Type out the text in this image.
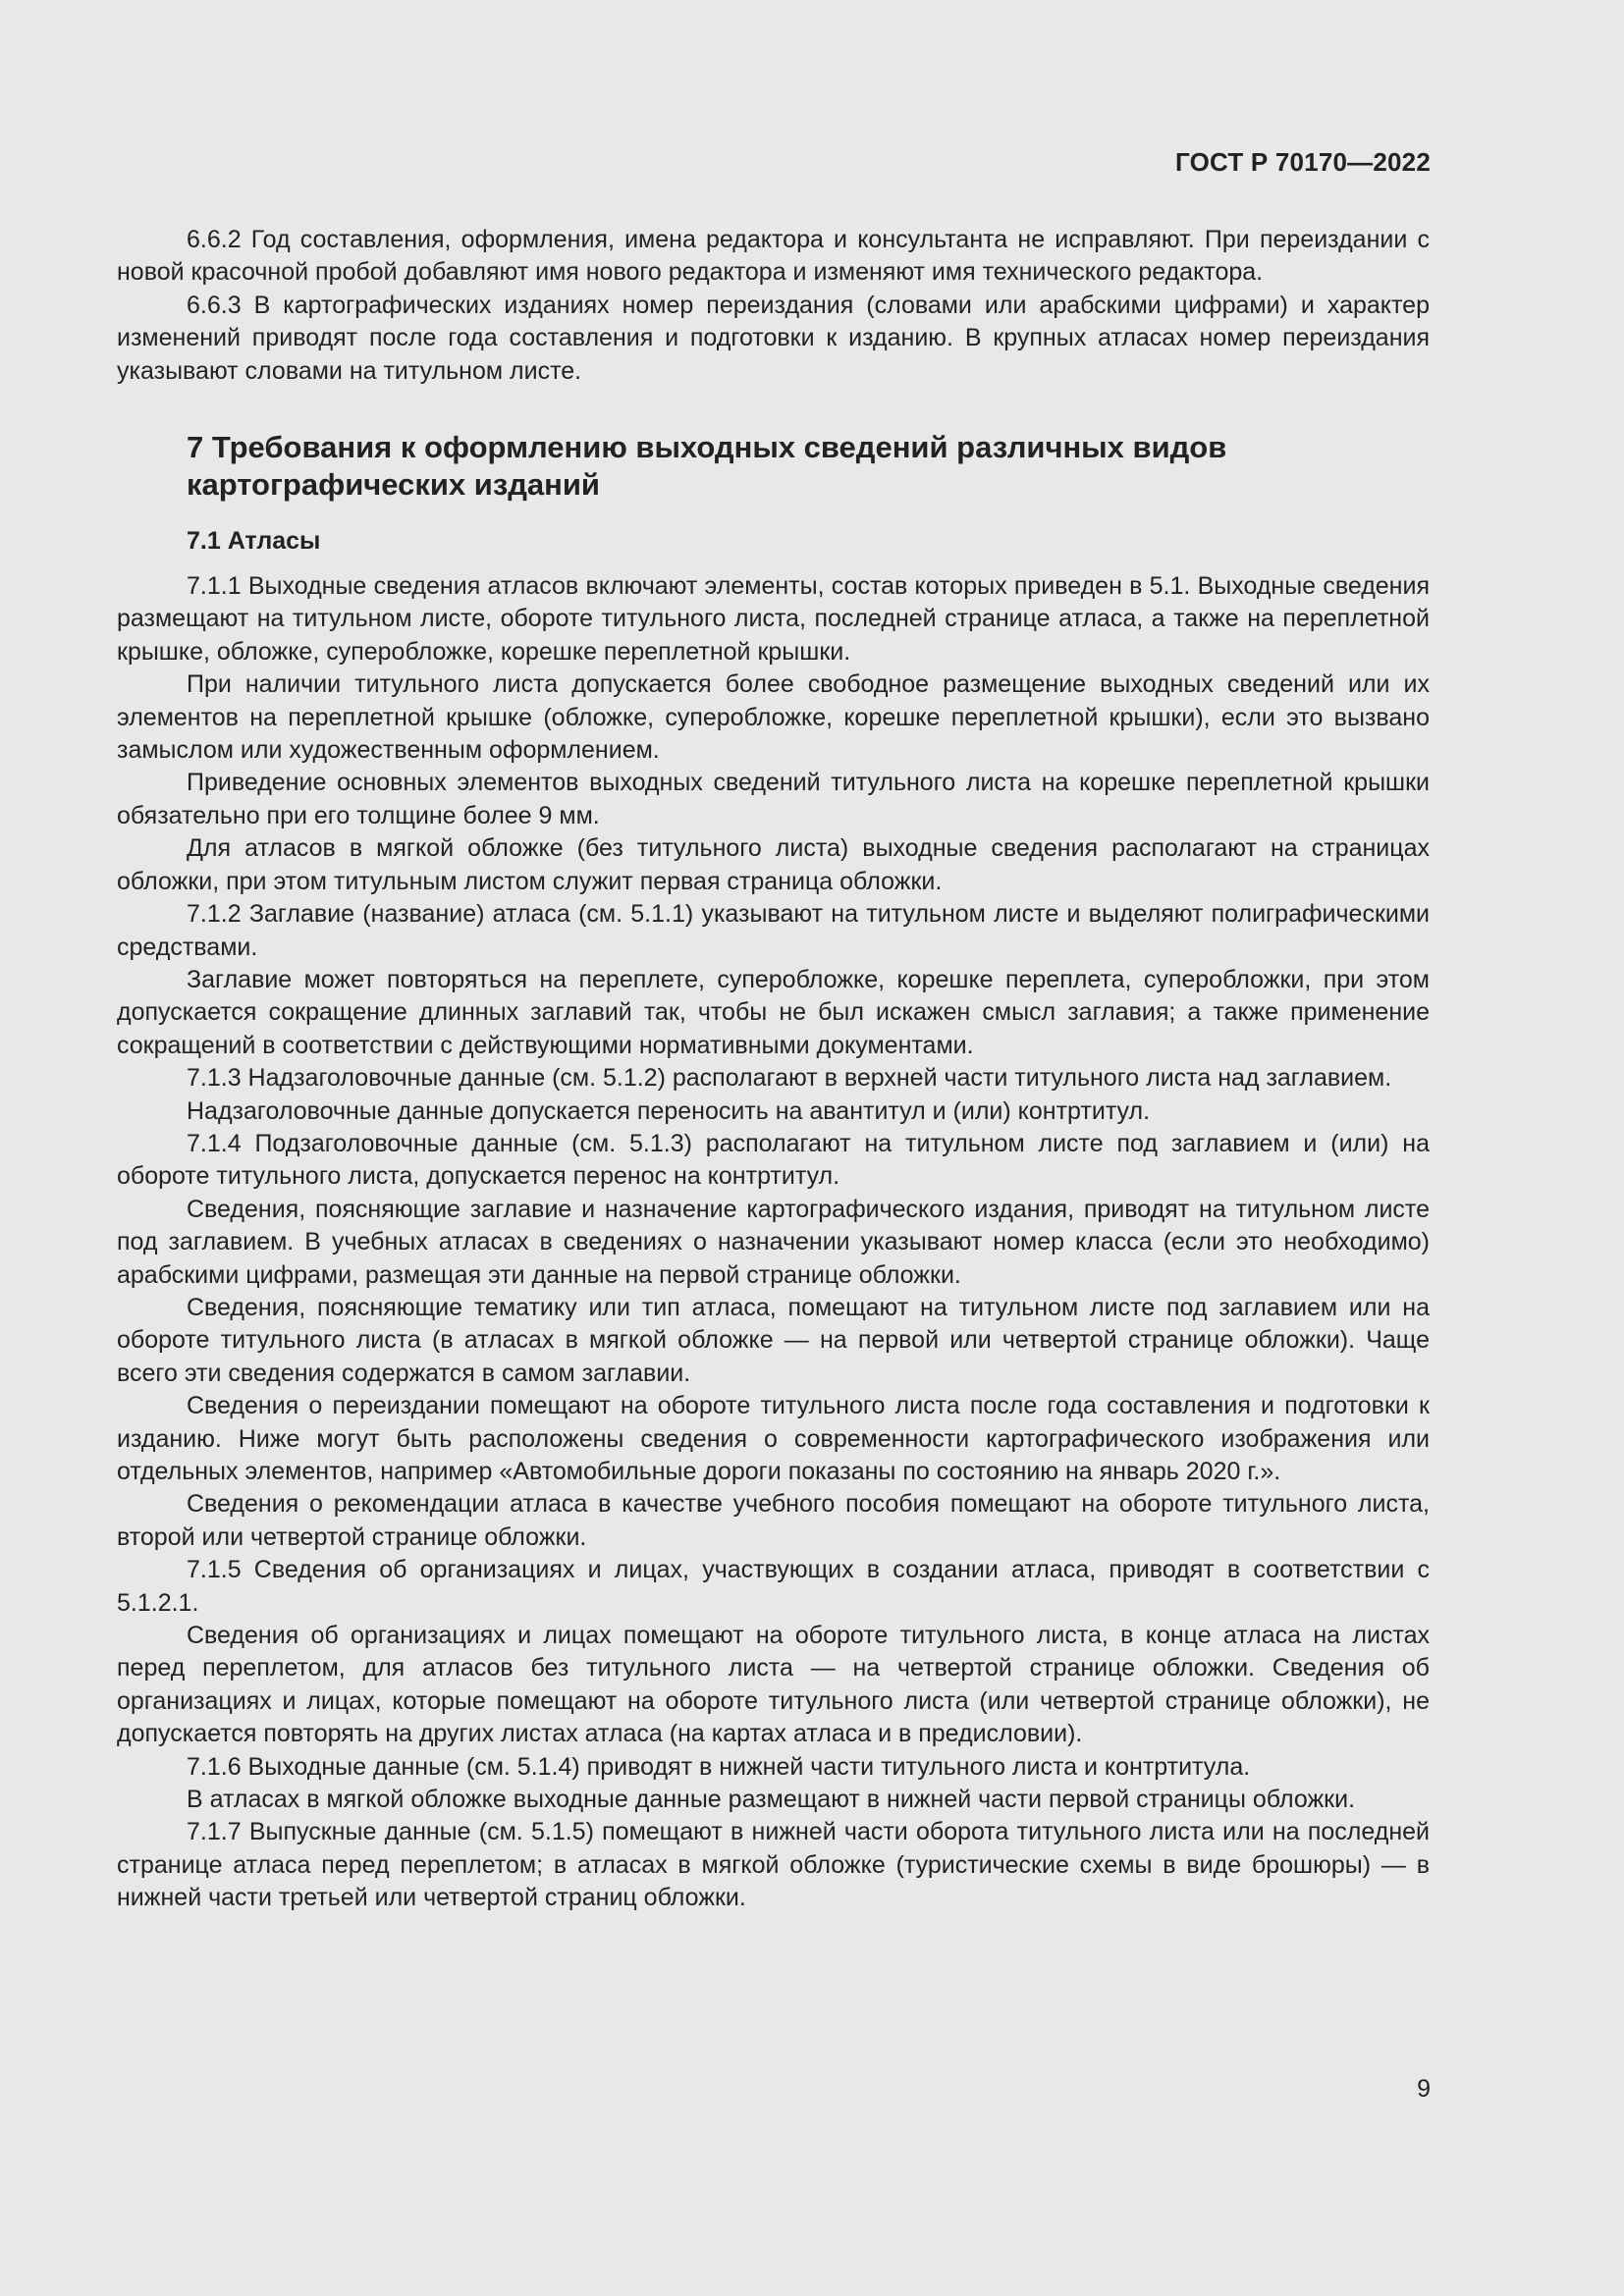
ГОСТ Р 70170—2022

6.6.2 Год составления, оформления, имена редактора и консультанта не исправляют. При переиздании с новой красочной пробой добавляют имя нового редактора и изменяют имя технического редактора.

6.6.3 В картографических изданиях номер переиздания (словами или арабскими цифрами) и характер изменений приводят после года составления и подготовки к изданию. В крупных атласах номер переиздания указывают словами на титульном листе.

7 Требования к оформлению выходных сведений различных видов
картографических изданий
7.1 Атласы

7.1.1 Выходные сведения атласов включают элементы, состав которых приведен в 5.1. Выходные сведения размещают на титульном листе, обороте титульного листа, последней странице атласа, а также на переплетной крышке, обложке, суперобложке, корешке переплетной крышки.

При наличии титульного листа допускается более свободное размещение выходных сведений или их элементов на переплетной крышке (обложке, суперобложке, корешке переплетной крышки), если это вызвано замыслом или художественным оформлением.

Приведение основных элементов выходных сведений титульного листа на корешке переплетной крышки обязательно при его толщине более 9 мм.

Для атласов в мягкой обложке (без титульного листа) выходные сведения располагают на страницах обложки, при этом титульным листом служит первая страница обложки.

7.1.2 Заглавие (название) атласа (см. 5.1.1) указывают на титульном листе и выделяют полиграфическими средствами.

Заглавие может повторяться на переплете, суперобложке, корешке переплета, суперобложки, при этом допускается сокращение длинных заглавий так, чтобы не был искажен смысл заглавия; а также применение сокращений в соответствии с действующими нормативными документами.

7.1.3 Надзаголовочные данные (см. 5.1.2) располагают в верхней части титульного листа над заглавием.

Надзаголовочные данные допускается переносить на авантитул и (или) контртитул.

7.1.4 Подзаголовочные данные (см. 5.1.3) располагают на титульном листе под заглавием и (или) на обороте титульного листа, допускается перенос на контртитул.

Сведения, поясняющие заглавие и назначение картографического издания, приводят на титульном листе под заглавием. В учебных атласах в сведениях о назначении указывают номер класса (если это необходимо) арабскими цифрами, размещая эти данные на первой странице обложки.

Сведения, поясняющие тематику или тип атласа, помещают на титульном листе под заглавием или на обороте титульного листа (в атласах в мягкой обложке — на первой или четвертой странице обложки). Чаще всего эти сведения содержатся в самом заглавии.

Сведения о переиздании помещают на обороте титульного листа после года составления и подготовки к изданию. Ниже могут быть расположены сведения о современности картографического изображения или отдельных элементов, например «Автомобильные дороги показаны по состоянию на январь 2020 г.».

Сведения о рекомендации атласа в качестве учебного пособия помещают на обороте титульного листа, второй или четвертой странице обложки.

7.1.5 Сведения об организациях и лицах, участвующих в создании атласа, приводят в соответствии с 5.1.2.1.

Сведения об организациях и лицах помещают на обороте титульного листа, в конце атласа на листах перед переплетом, для атласов без титульного листа — на четвертой странице обложки. Сведения об организациях и лицах, которые помещают на обороте титульного листа (или четвертой странице обложки), не допускается повторять на других листах атласа (на картах атласа и в предисловии).

7.1.6 Выходные данные (см. 5.1.4) приводят в нижней части титульного листа и контртитула.

В атласах в мягкой обложке выходные данные размещают в нижней части первой страницы обложки.

7.1.7 Выпускные данные (см. 5.1.5) помещают в нижней части оборота титульного листа или на последней странице атласа перед переплетом; в атласах в мягкой обложке (туристические схемы в виде брошюры) — в нижней части третьей или четвертой страниц обложки.

9
